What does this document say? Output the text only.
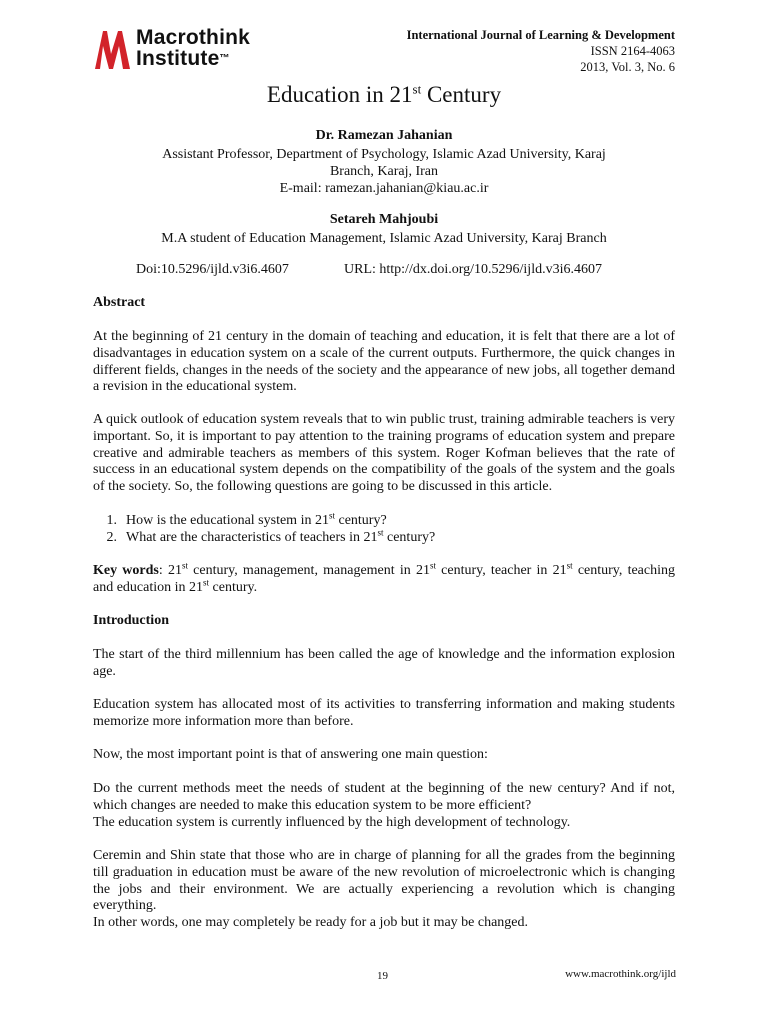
Macrothink
Institute™
International Journal of Learning & Development
ISSN 2164-4063
2013, Vol. 3, No. 6
Education in 21st Century
Dr. Ramezan Jahanian
Assistant Professor, Department of Psychology, Islamic Azad University, Karaj
Branch, Karaj, Iran
E-mail: ramezan.jahanian@kiau.ac.ir
Setareh Mahjoubi
M.A student of Education Management, Islamic Azad University, Karaj Branch
Doi:10.5296/ijld.v3i6.4607	URL: http://dx.doi.org/10.5296/ijld.v3i6.4607
Abstract
At the beginning of 21 century in the domain of teaching and education, it is felt that there are a lot of disadvantages in education system on a scale of the current outputs. Furthermore, the quick changes in different fields, changes in the needs of the society and the appearance of new jobs, all together demand a revision in the educational system.
A quick outlook of education system reveals that to win public trust, training admirable teachers is very important. So, it is important to pay attention to the training programs of education system and prepare creative and admirable teachers as members of this system. Roger Kofman believes that the rate of success in an educational system depends on the compatibility of the goals of the system and the goals of the society. So, the following questions are going to be discussed in this article.
1. How is the educational system in 21st century?
2. What are the characteristics of teachers in 21st century?
Key words: 21st century, management, management in 21st century, teacher in 21st century, teaching and education in 21st century.
Introduction
The start of the third millennium has been called the age of knowledge and the information explosion age.
Education system has allocated most of its activities to transferring information and making students memorize more information more than before.
Now, the most important point is that of answering one main question:
Do the current methods meet the needs of student at the beginning of the new century? And if not, which changes are needed to make this education system to be more efficient?
The education system is currently influenced by the high development of technology.
Ceremin and Shin state that those who are in charge of planning for all the grades from the beginning till graduation in education must be aware of the new revolution of microelectronic which is changing the jobs and their environment. We are actually experiencing a revolution which is changing everything.
In other words, one may completely be ready for a job but it may be changed.
19	www.macrothink.org/ijld
